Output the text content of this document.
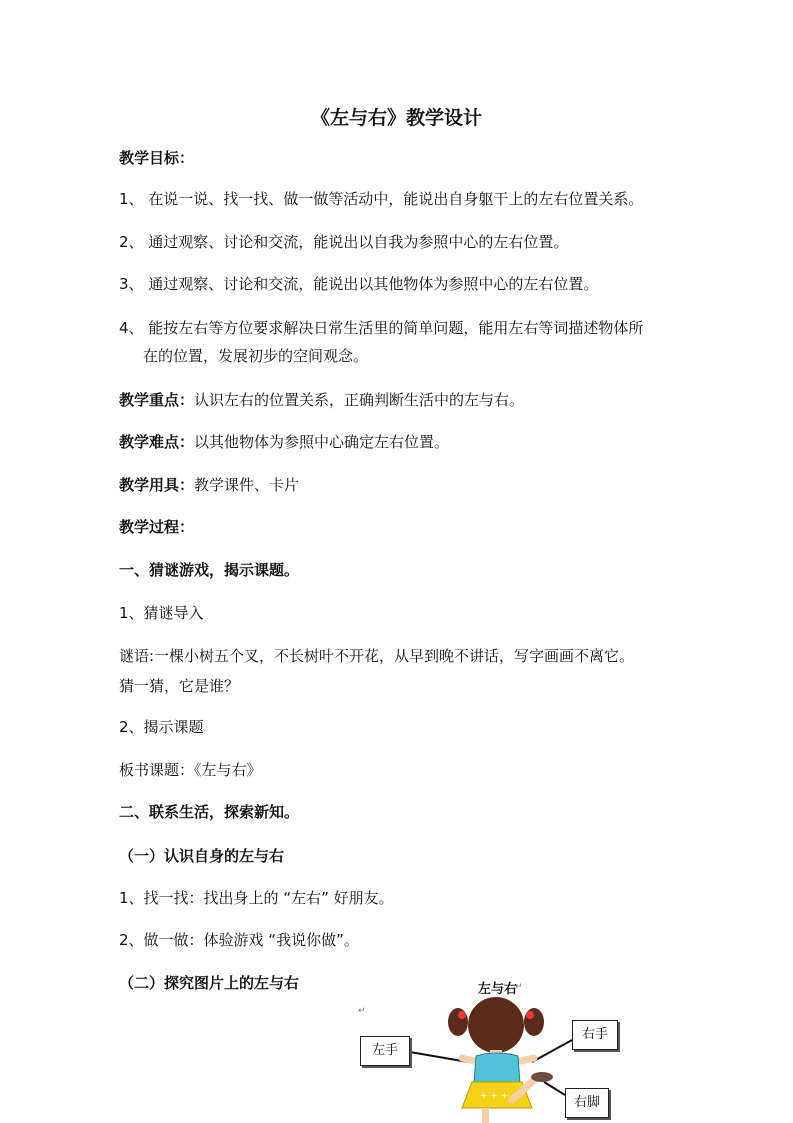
《左与右》教学设计
教学目标：
1、 在说一说、找一找、做一做等活动中，能说出自身躯干上的左右位置关系。
2、 通过观察、讨论和交流，能说出以自我为参照中心的左右位置。
3、 通过观察、讨论和交流，能说出以其他物体为参照中心的左右位置。
4、 能按左右等方位要求解决日常生活里的简单问题，能用左右等词描述物体所
在的位置，发展初步的空间观念。
教学重点：认识左右的位置关系，正确判断生活中的左与右。
教学难点：以其他物体为参照中心确定左右位置。
教学用具：教学课件、卡片
教学过程：
一、猜谜游戏，揭示课题。
1、猜谜导入
谜语:一棵小树五个叉，不长树叶不开花，从早到晚不讲话，写字画画不离它。
猜一猜，它是谁？
2、揭示课题
板书课题：《左与右》
二、联系生活，探索新知。
（一）认识自身的左与右
1、找一找：找出身上的 “左右” 好朋友。
2、做一做：体验游戏 “我说你做”。
（二）探究图片上的左与右	左与右
↵
↵
+ + +
左手
右手
右脚
